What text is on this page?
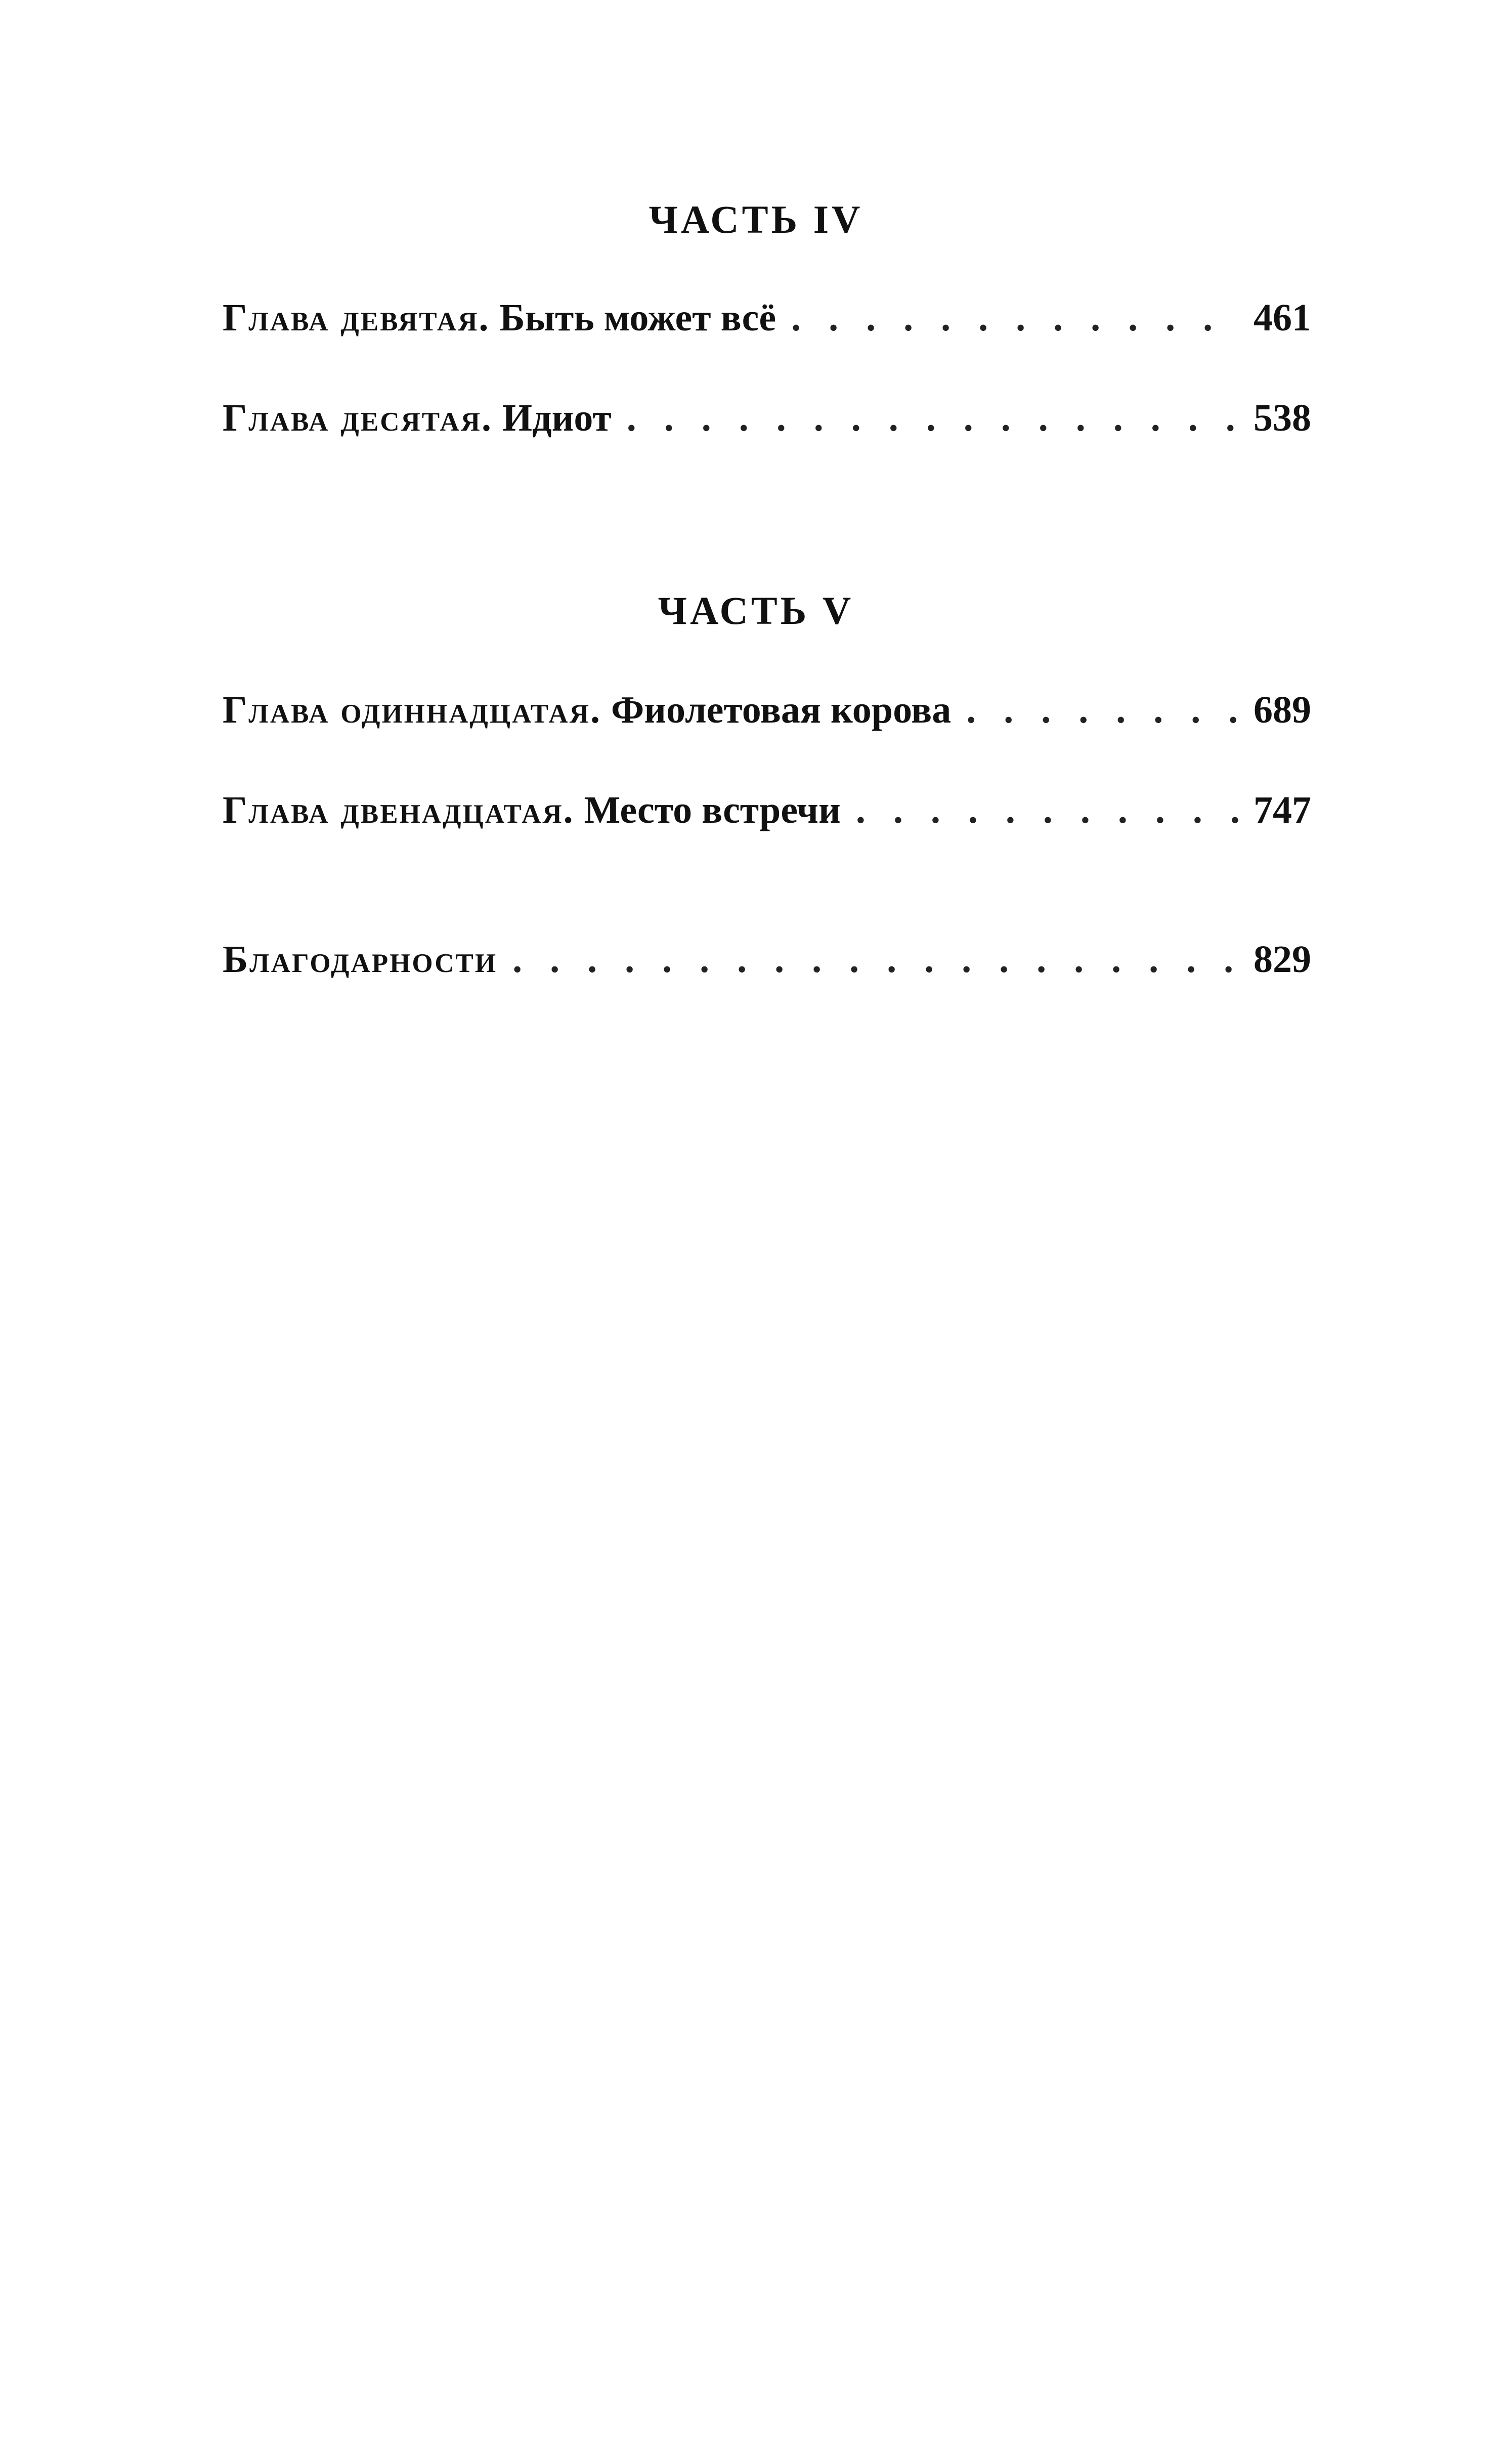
ЧАСТЬ IV
Глава девятая. Быть может всё . . .	461
Глава десятая. Идиот . . .	538
ЧАСТЬ V
Глава одиннадцатая. Фиолетовая корова . . .	689
Глава двенадцатая. Место встречи . . .	747
Благодарности . . .	829
